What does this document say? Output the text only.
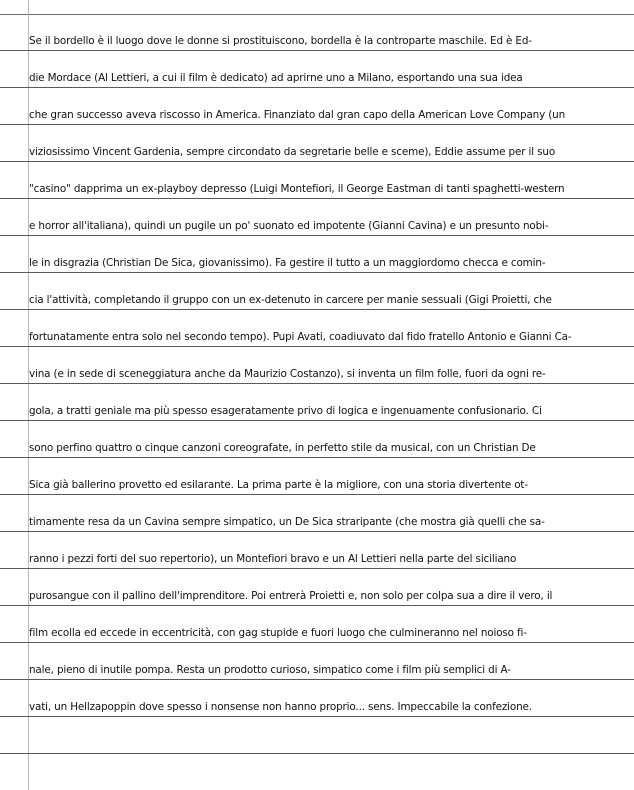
Se il bordello è il luogo dove le donne si prostituiscono, bordella è la controparte maschile. Ed è Ed-
die Mordace (Al Lettieri, a cui il film è dedicato) ad aprirne uno a Milano, esportando una sua idea
che gran successo aveva riscosso in America. Finanziato dal gran capo della American Love Company (un
viziosissimo Vincent Gardenia, sempre circondato da segretarie belle e sceme), Eddie assume per il suo
"casino" dapprima un ex-playboy depresso (Luigi Montefiori, il George Eastman di tanti spaghetti-western
e horror all'italiana), quindi un pugile un po' suonato ed impotente (Gianni Cavina) e un presunto nobi-
le in disgrazia (Christian De Sica, giovanissimo). Fa gestire il tutto a un maggiordomo checca e comin-
cia l'attività, completando il gruppo con un ex-detenuto in carcere per manie sessuali (Gigi Proietti, che
fortunatamente entra solo nel secondo tempo). Pupi Avati, coadiuvato dal fido fratello Antonio e Gianni Ca-
vina (e in sede di sceneggiatura anche da Maurizio Costanzo), si inventa un film folle, fuori da ogni re-
gola, a tratti geniale ma più spesso esageratamente privo di logica e ingenuamente confusionario. Ci
sono perfino quattro o cinque canzoni coreografate, in perfetto stile da musical, con un Christian De
Sica già ballerino provetto ed esilarante. La prima parte è la migliore, con una storia divertente ot-
timamente resa da un Cavina sempre simpatico, un De Sica straripante (che mostra già quelli che sa-
ranno i pezzi forti del suo repertorio), un Montefiori bravo e un Al Lettieri nella parte del siciliano
purosangue con il pallino dell'imprenditore. Poi entrerà Proietti e, non solo per colpa sua a dire il vero, il
film ecolla ed eccede in eccentricità, con gag stupide e fuori luogo che culmineranno nel noioso fi-
nale, pieno di inutile pompa. Resta un prodotto curioso, simpatico come i film più semplici di A-
vati, un Hellzapoppin dove spesso i nonsense non hanno proprio... sens. Impeccabile la confezione.
